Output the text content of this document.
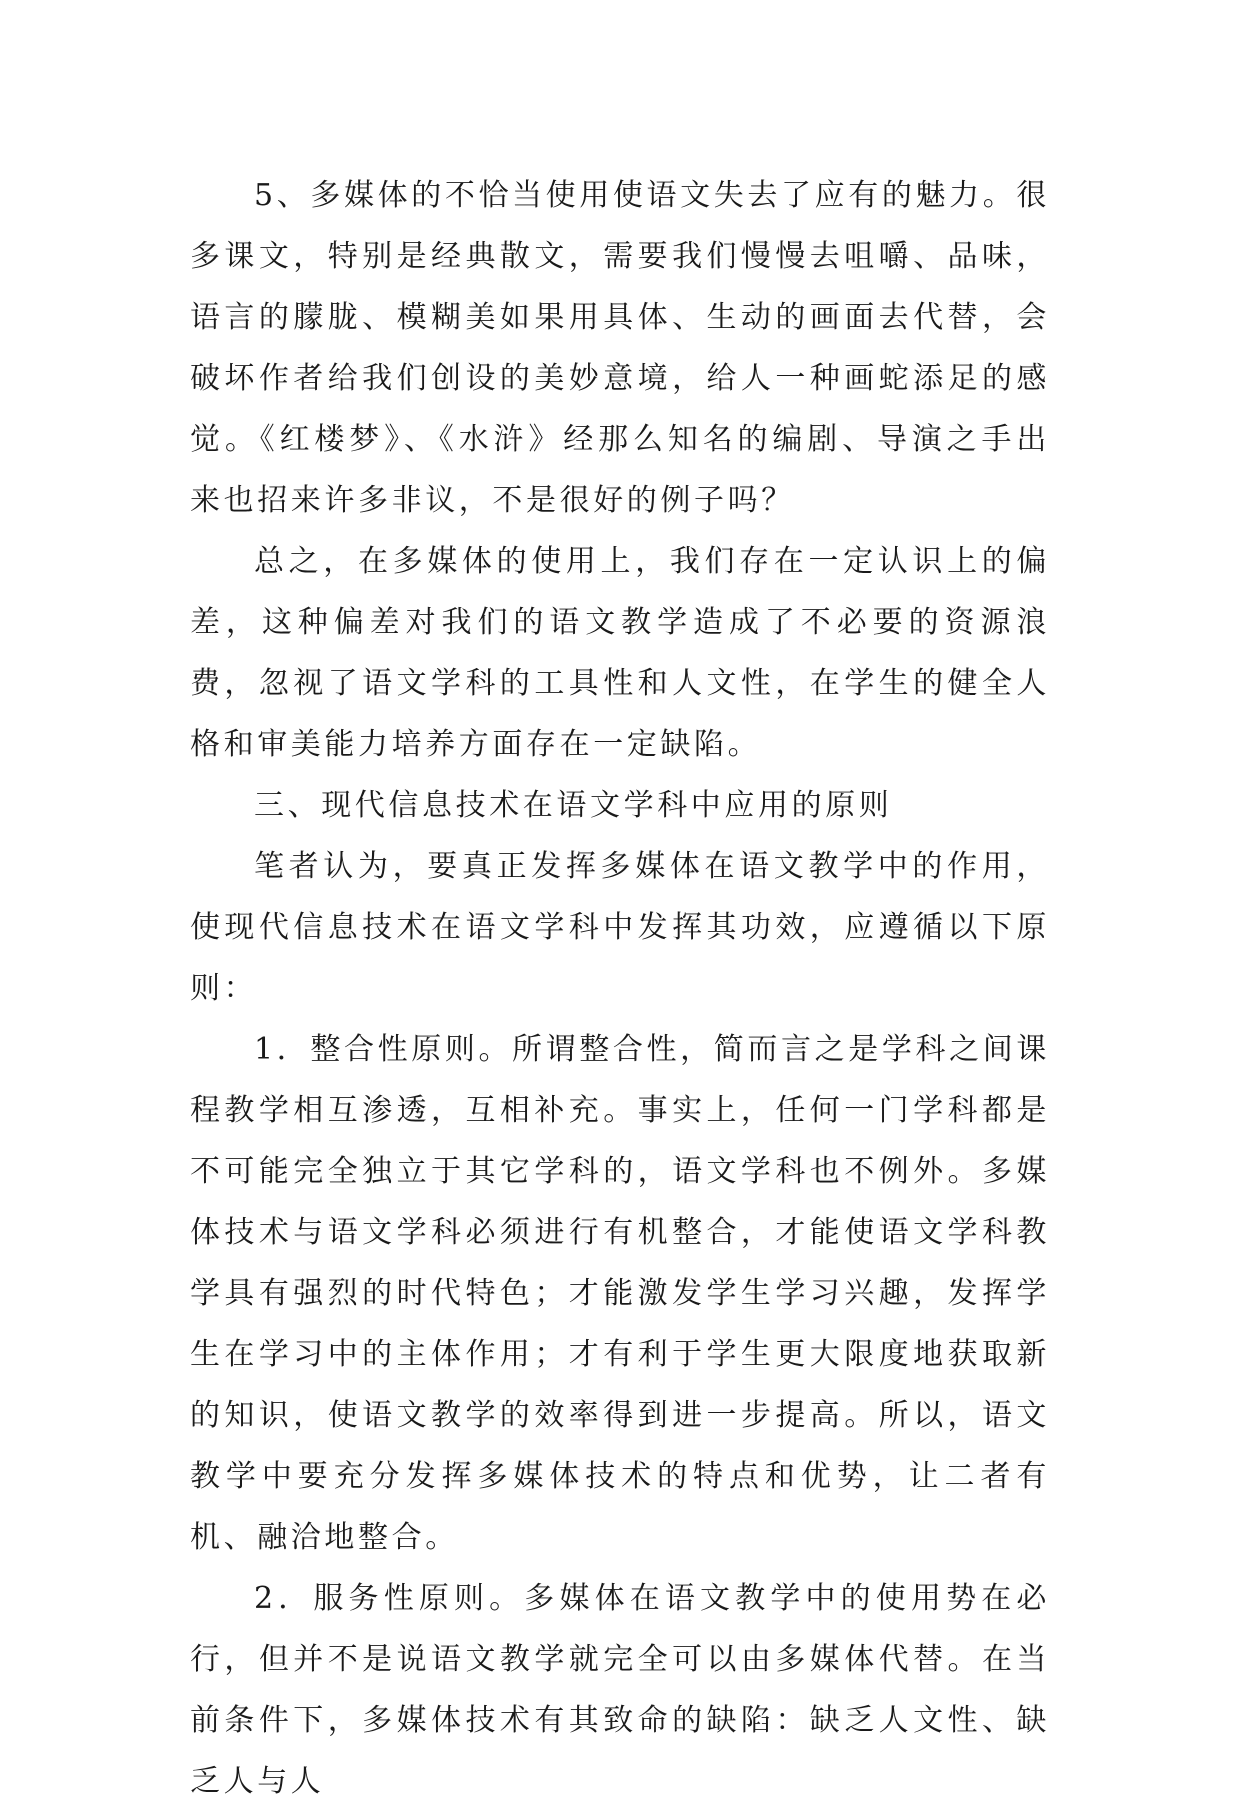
5、多媒体的不恰当使用使语文失去了应有的魅力。很多课文，特别是经典散文，需要我们慢慢去咀嚼、品味，语言的朦胧、模糊美如果用具体、生动的画面去代替，会破坏作者给我们创设的美妙意境，给人一种画蛇添足的感觉。《红楼梦》、《水浒》经那么知名的编剧、导演之手出来也招来许多非议，不是很好的例子吗？

总之，在多媒体的使用上，我们存在一定认识上的偏差，这种偏差对我们的语文教学造成了不必要的资源浪费，忽视了语文学科的工具性和人文性，在学生的健全人格和审美能力培养方面存在一定缺陷。

三、现代信息技术在语文学科中应用的原则

笔者认为，要真正发挥多媒体在语文教学中的作用，使现代信息技术在语文学科中发挥其功效，应遵循以下原则：

1．整合性原则。所谓整合性，简而言之是学科之间课程教学相互渗透，互相补充。事实上，任何一门学科都是不可能完全独立于其它学科的，语文学科也不例外。多媒体技术与语文学科必须进行有机整合，才能使语文学科教学具有强烈的时代特色；才能激发学生学习兴趣，发挥学生在学习中的主体作用；才有利于学生更大限度地获取新的知识，使语文教学的效率得到进一步提高。所以，语文教学中要充分发挥多媒体技术的特点和优势，让二者有机、融洽地整合。

2．服务性原则。多媒体在语文教学中的使用势在必行，但并不是说语文教学就完全可以由多媒体代替。在当前条件下，多媒体技术有其致命的缺陷：缺乏人文性、缺乏人与人
